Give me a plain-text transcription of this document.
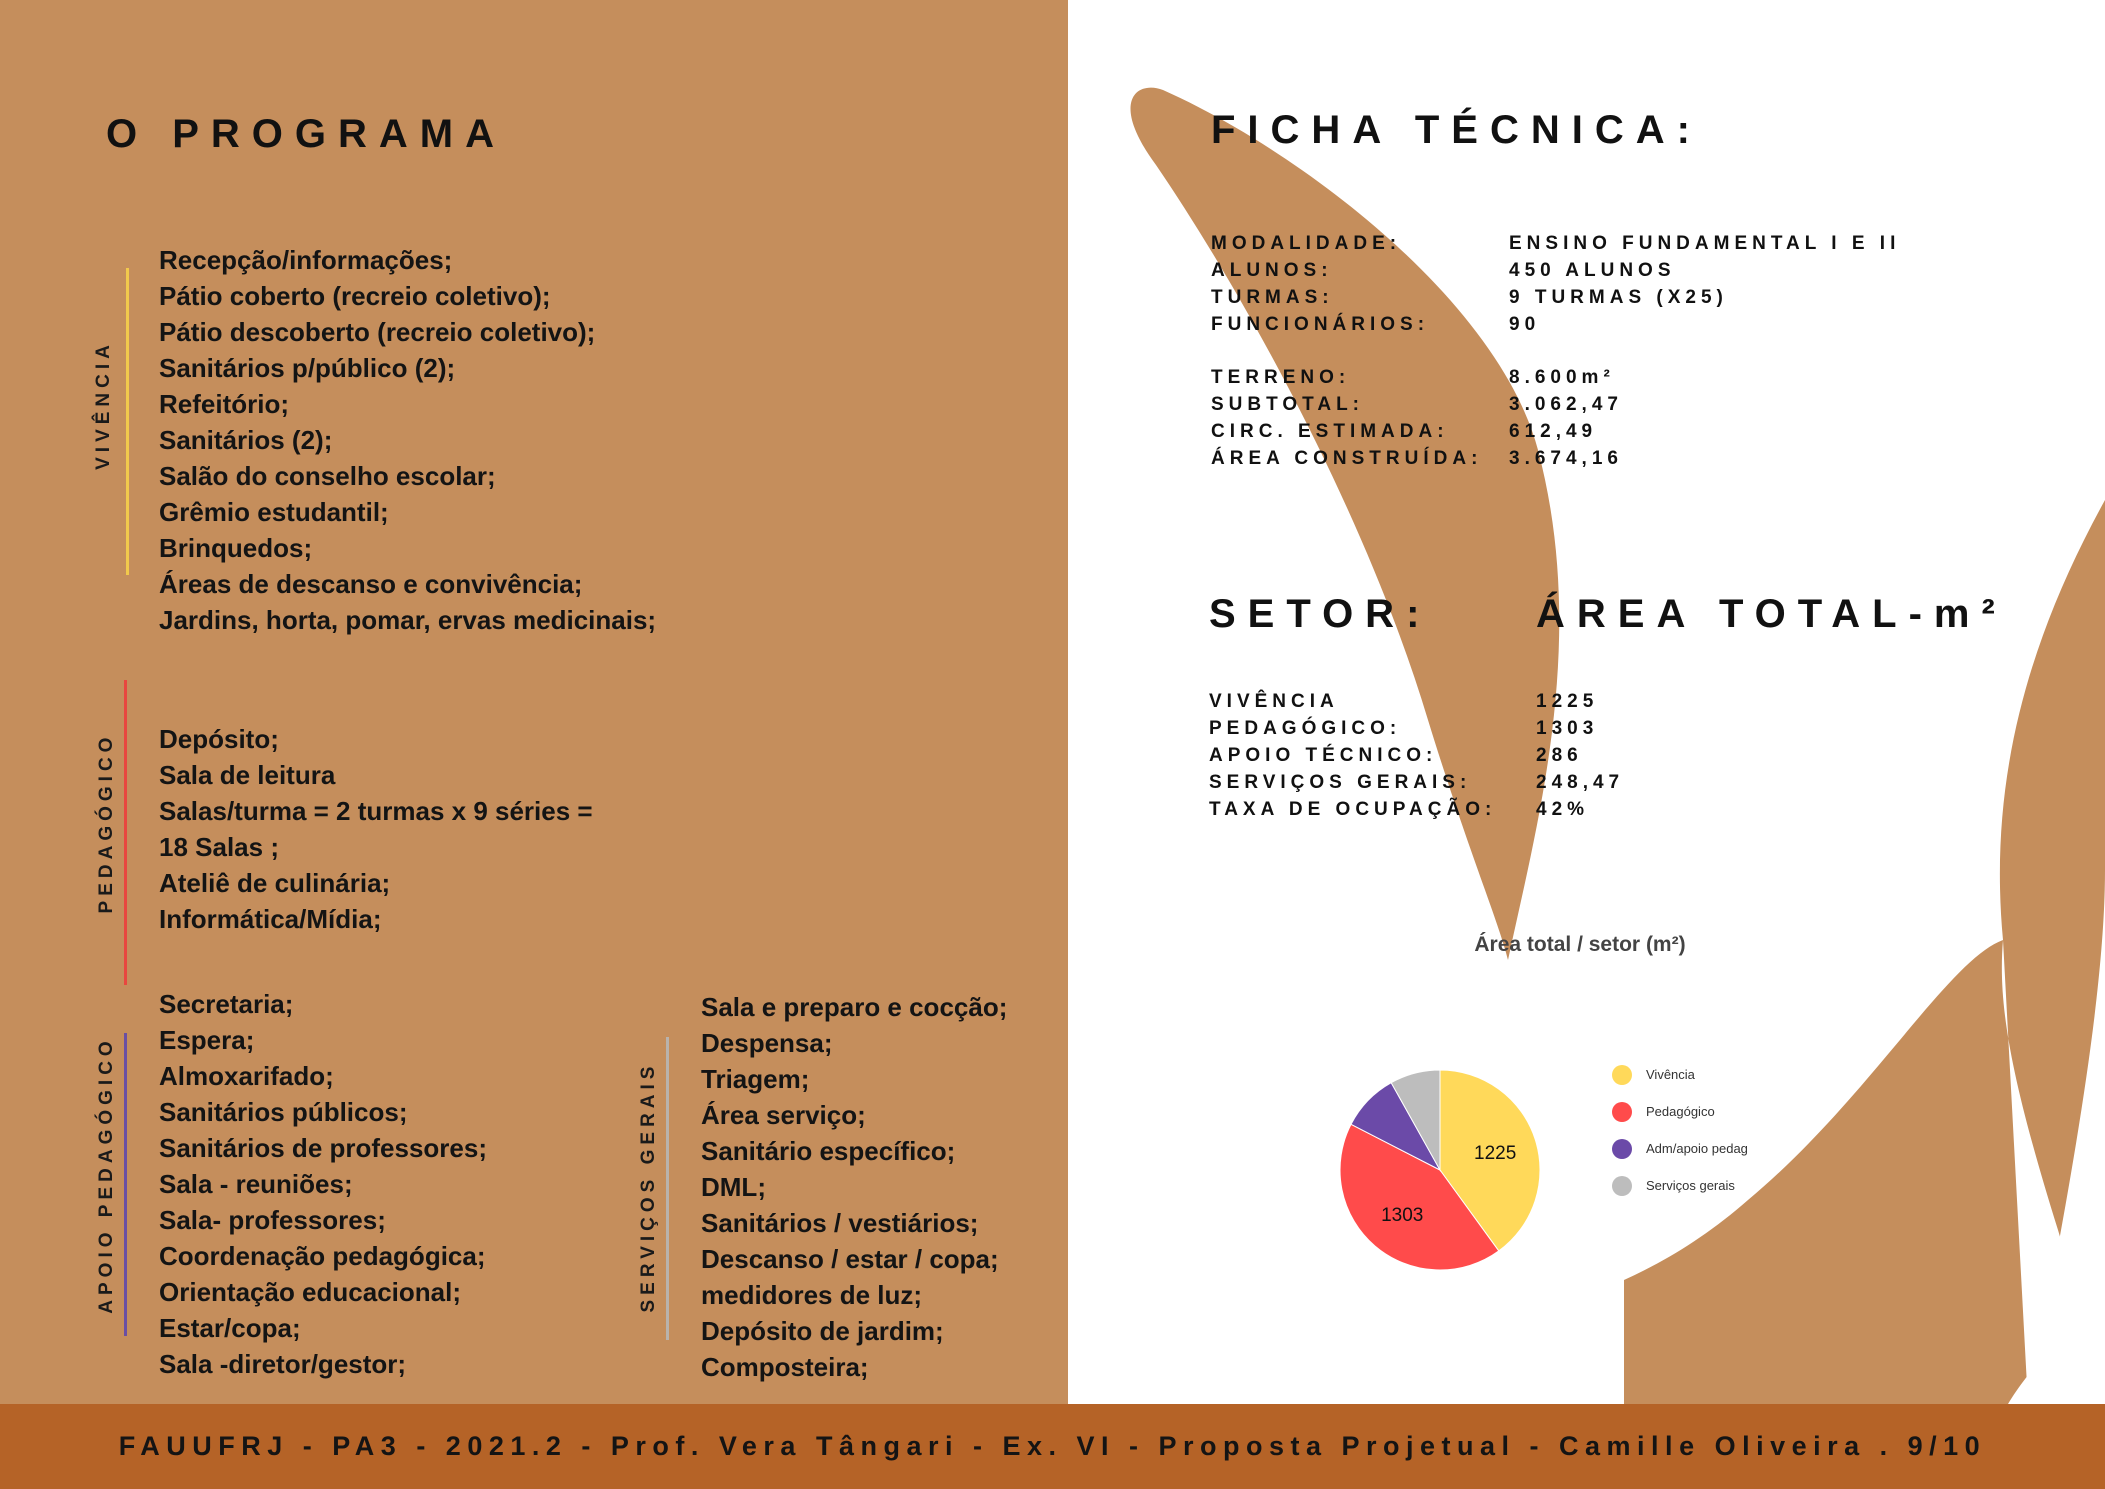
O PROGRAMA
VIVÊNCIA
Recepção/informações;
Pátio coberto (recreio coletivo);
Pátio descoberto (recreio coletivo);
Sanitários p/público (2);
Refeitório;
Sanitários (2);
Salão do conselho escolar;
Grêmio estudantil;
Brinquedos;
Áreas de descanso e convivência;
Jardins, horta, pomar, ervas medicinais;
PEDAGÓGICO Depósito;
Sala de leitura
Salas/turma = 2 turmas x 9 séries =
18 Salas ;
Ateliê de culinária;
Informática/Mídia;
APOIO PEDAGÓGICO
Secretaria;
Espera;
Almoxarifado;
Sanitários públicos;
Sanitários de professores;
Sala - reuniões;
Sala- professores;
Coordenação pedagógica;
Orientação educacional;
Estar/copa;
Sala -diretor/gestor;
SERVIÇOS GERAIS
Sala e preparo e cocção;
Despensa;
Triagem;
Área serviço;
Sanitário específico;
DML;
Sanitários / vestiários;
Descanso / estar / copa;
medidores de luz;
Depósito de jardim;
Composteira;
FICHA TÉCNICA:
MODALIDADE:	ENSINO FUNDAMENTAL I E II
ALUNOS:	450 ALUNOS
TURMAS:	9 TURMAS (X25)
FUNCIONÁRIOS:	90
TERRENO:	8.600m²
SUBTOTAL:	3.062,47
CIRC. ESTIMADA:	612,49
ÁREA CONSTRUÍDA:	3.674,16
SETOR:	ÁREA TOTAL-m²
VIVÊNCIA	1225
PEDAGÓGICO:	1303
APOIO TÉCNICO:	286
SERVIÇOS GERAIS:	248,47
TAXA DE OCUPAÇÃO:	42%
Área total / setor (m²)
1225
1303
Vivência
Pedagógico
Adm/apoio pedag
Serviços gerais
FAUUFRJ - PA3 - 2021.2 - Prof. Vera Tângari - Ex. VI - Proposta Projetual - Camille Oliveira . 9/10
